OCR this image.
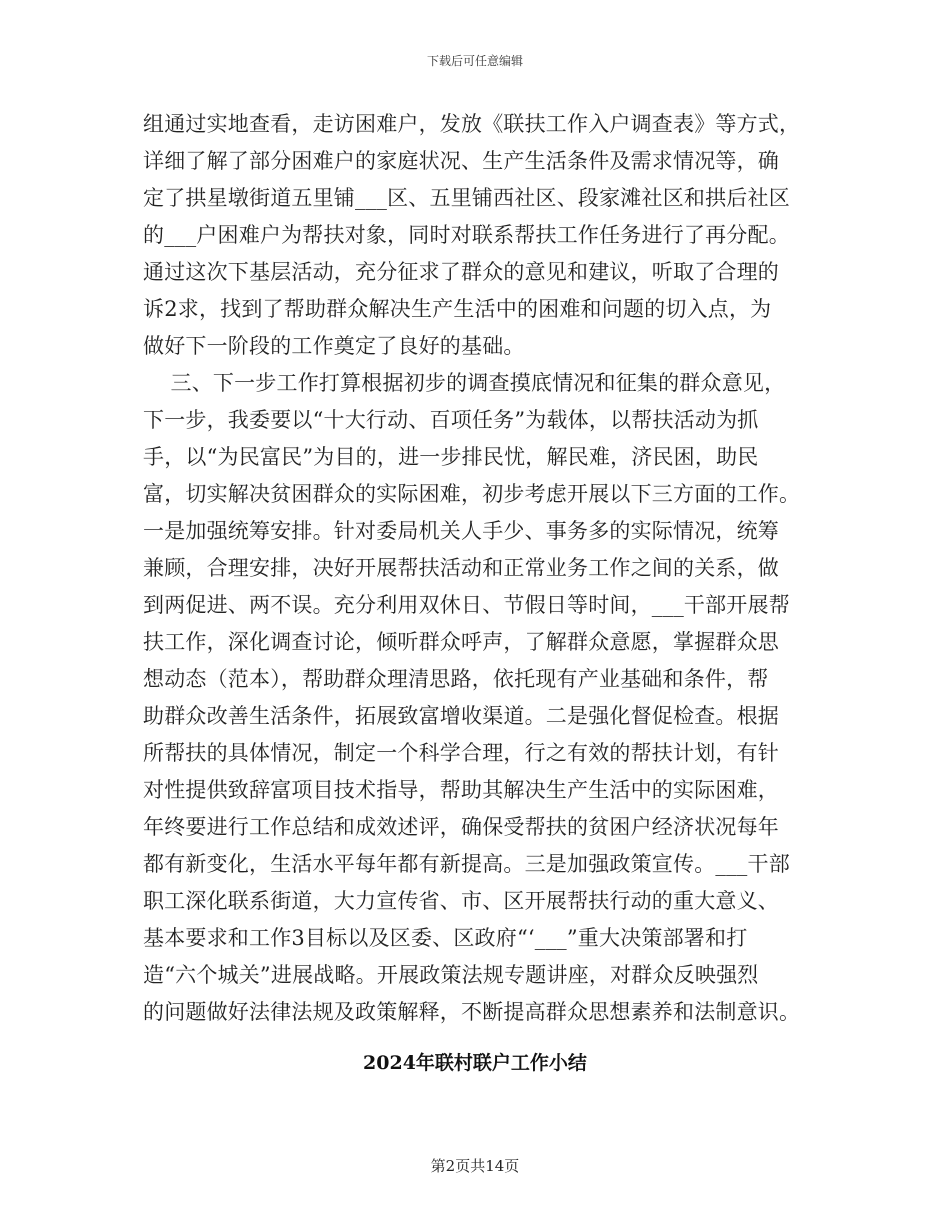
下载后可任意编辑
组通过实地查看，走访困难户，发放《联扶工作入户调查表》等方式，
详细了解了部分困难户的家庭状况、生产生活条件及需求情况等，确
定了拱星墩街道五里铺___区、五里铺西社区、段家滩社区和拱后社区
的___户困难户为帮扶对象，同时对联系帮扶工作任务进行了再分配。
通过这次下基层活动，充分征求了群众的意见和建议，听取了合理的
诉2求，找到了帮助群众解决生产生活中的困难和问题的切入点，为
做好下一阶段的工作奠定了良好的基础。
三、下一步工作打算根据初步的调查摸底情况和征集的群众意见，
下一步，我委要以“十大行动、百项任务”为载体，以帮扶活动为抓
手，以“为民富民”为目的，进一步排民忧，解民难，济民困，助民
富，切实解决贫困群众的实际困难，初步考虑开展以下三方面的工作。
一是加强统筹安排。针对委局机关人手少、事务多的实际情况，统筹
兼顾，合理安排，决好开展帮扶活动和正常业务工作之间的关系，做
到两促进、两不误。充分利用双休日、节假日等时间，___干部开展帮
扶工作，深化调查讨论，倾听群众呼声，了解群众意愿，掌握群众思
想动态（范本），帮助群众理清思路，依托现有产业基础和条件，帮
助群众改善生活条件，拓展致富增收渠道。二是强化督促检查。根据
所帮扶的具体情况，制定一个科学合理，行之有效的帮扶计划，有针
对性提供致辞富项目技术指导，帮助其解决生产生活中的实际困难，
年终要进行工作总结和成效述评，确保受帮扶的贫困户经济状况每年
都有新变化，生活水平每年都有新提高。三是加强政策宣传。___干部
职工深化联系街道，大力宣传省、市、区开展帮扶行动的重大意义、
基本要求和工作3目标以及区委、区政府“‘___”重大决策部署和打
造“六个城关”进展战略。开展政策法规专题讲座，对群众反映强烈
的问题做好法律法规及政策解释，不断提高群众思想素养和法制意识。
2024年联村联户工作小结
第2页共14页
